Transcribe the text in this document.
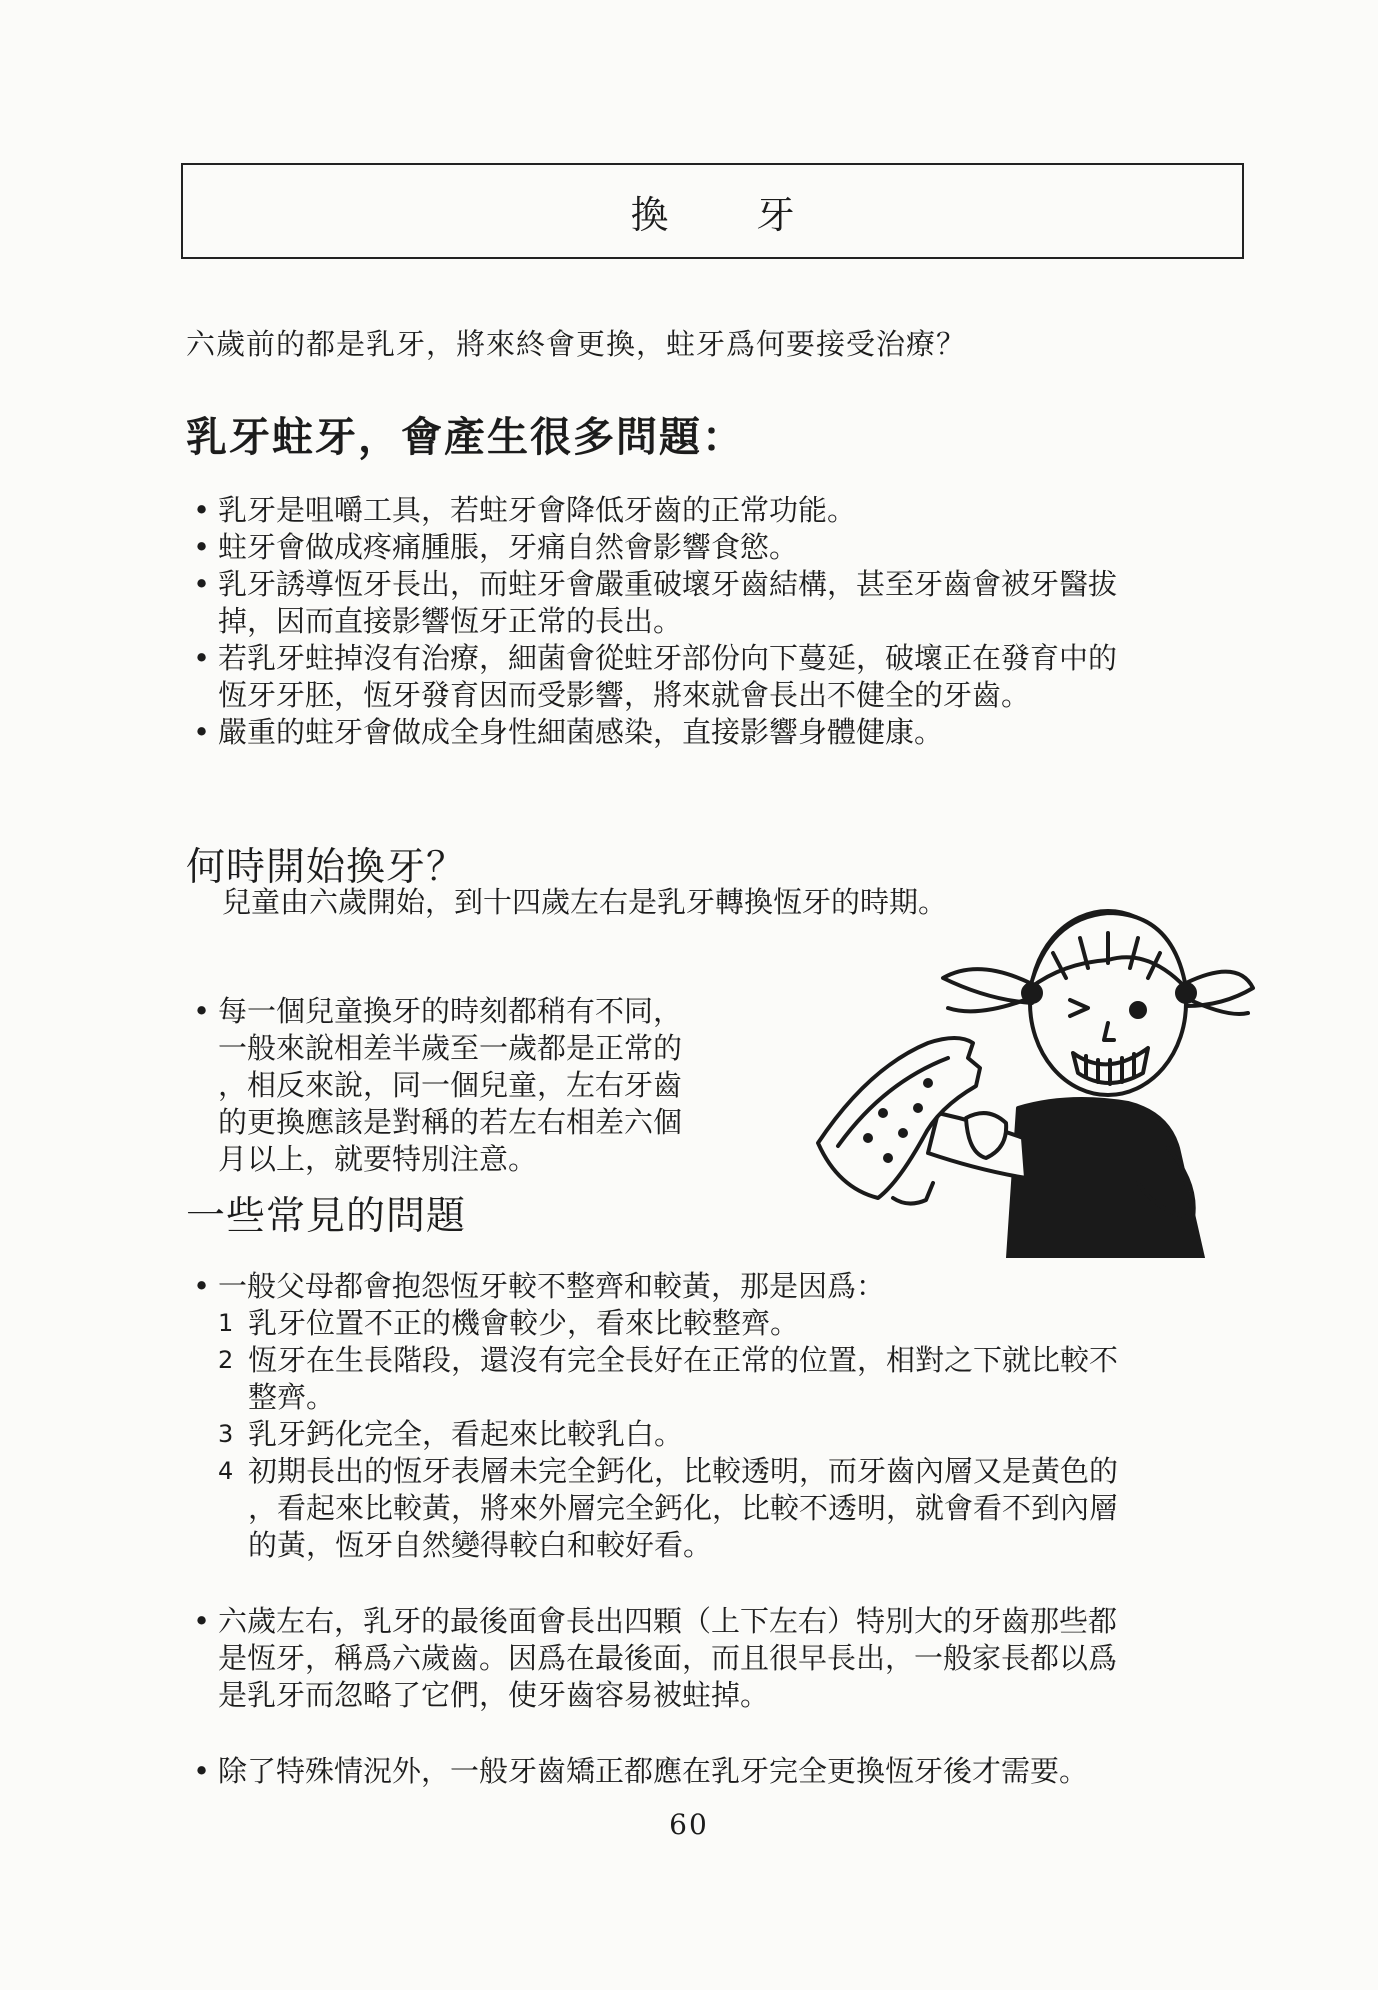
換 牙
六歲前的都是乳牙，將來終會更換，蛀牙爲何要接受治療？
乳牙蛀牙，會產生很多問題：
• 乳牙是咀嚼工具，若蛀牙會降低牙齒的正常功能。
• 蛀牙會做成疼痛腫脹，牙痛自然會影響食慾。
• 乳牙誘導恆牙長出，而蛀牙會嚴重破壞牙齒結構，甚至牙齒會被牙醫拔
掉，因而直接影響恆牙正常的長出。
• 若乳牙蛀掉沒有治療，細菌會從蛀牙部份向下蔓延，破壞正在發育中的
恆牙牙胚，恆牙發育因而受影響，將來就會長出不健全的牙齒。
• 嚴重的蛀牙會做成全身性細菌感染，直接影響身體健康。
何時開始換牙？
兒童由六歲開始，到十四歲左右是乳牙轉換恆牙的時期。
• 每一個兒童換牙的時刻都稍有不同，
一般來說相差半歲至一歲都是正常的
，相反來說，同一個兒童，左右牙齒
的更換應該是對稱的若左右相差六個
月以上，就要特別注意。
一些常見的問題
• 一般父母都會抱怨恆牙較不整齊和較黃，那是因爲：
1 乳牙位置不正的機會較少，看來比較整齊。
2 恆牙在生長階段，還沒有完全長好在正常的位置，相對之下就比較不
整齊。
3 乳牙鈣化完全，看起來比較乳白。
4 初期長出的恆牙表層未完全鈣化，比較透明，而牙齒內層又是黃色的
，看起來比較黃，將來外層完全鈣化，比較不透明，就會看不到內層
的黃，恆牙自然變得較白和較好看。
• 六歲左右，乳牙的最後面會長出四顆（上下左右）特別大的牙齒那些都
是恆牙，稱爲六歲齒。因爲在最後面，而且很早長出，一般家長都以爲
是乳牙而忽略了它們，使牙齒容易被蛀掉。
• 除了特殊情況外，一般牙齒矯正都應在乳牙完全更換恆牙後才需要。
60
